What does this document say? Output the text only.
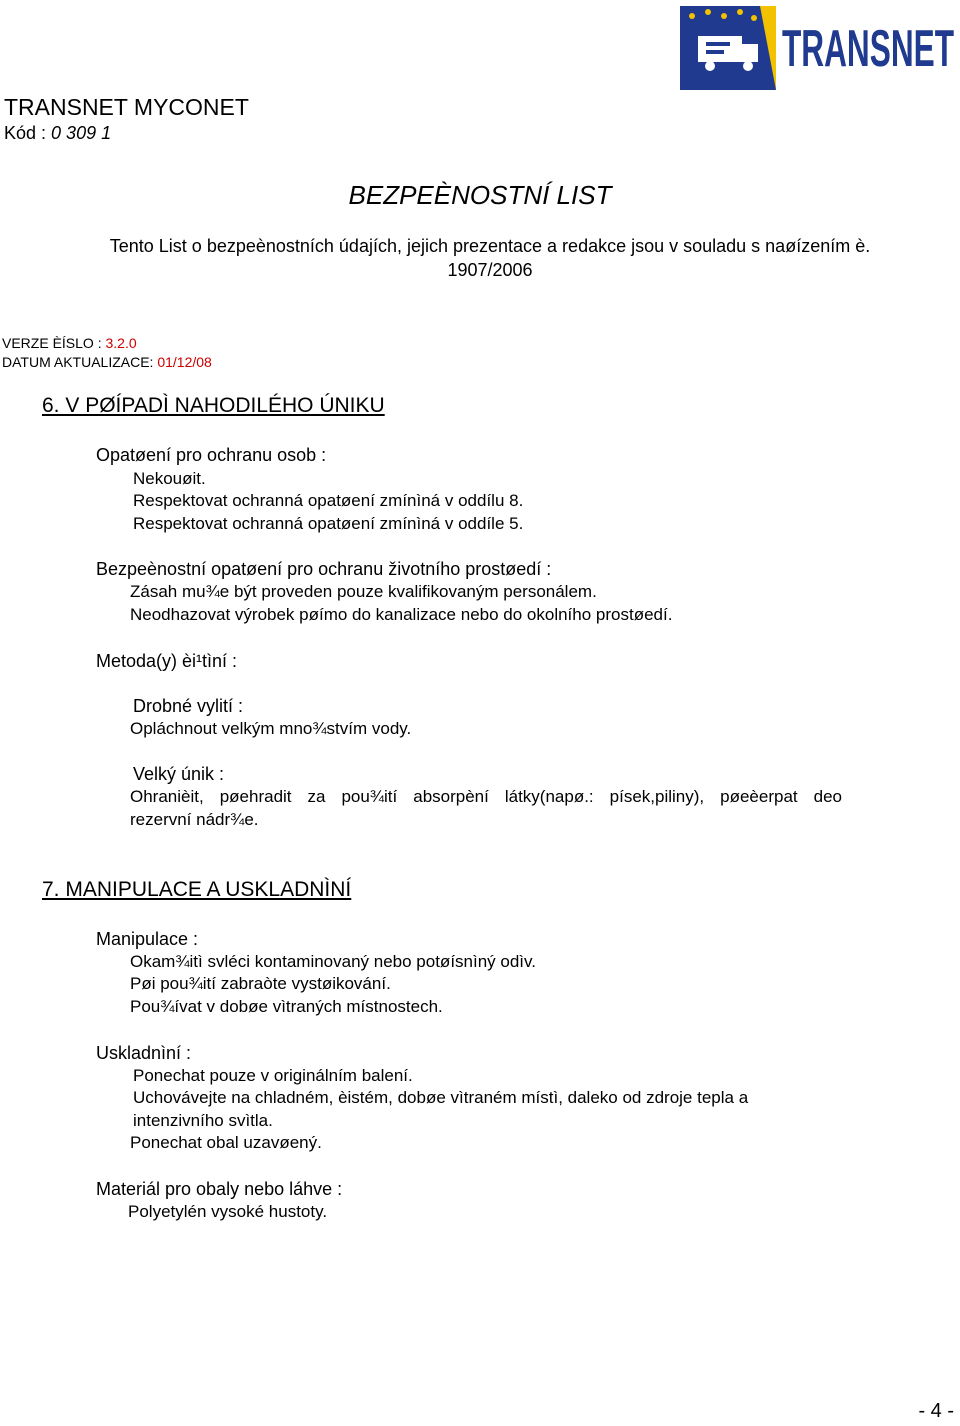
TRANSNET
TRANSNET MYCONET
Kód : 0 309 1
BEZPEÈNOSTNÍ LIST
Tento List o bezpeènostních údajích, jejich prezentace a redakce jsou v souladu s naøízením è.
1907/2006
VERZE ÈÍSLO : 3.2.0
DATUM AKTUALIZACE: 01/12/08
6. V PØÍPADÌ NAHODILÉHO ÚNIKU
Opatøení pro ochranu osob :
Nekouøit.
Respektovat ochranná opatøení zmínìná v oddílu 8.
Respektovat ochranná opatøení zmínìná v oddíle 5.
Bezpeènostní opatøení pro ochranu životního prostøedí :
Zásah mu¾e být proveden pouze kvalifikovaným personálem.
Neodhazovat výrobek pøímo do kanalizace nebo do okolního prostøedí.
Metoda(y) èi¹tìní :
Drobné vylití :
Opláchnout velkým mno¾stvím vody.
Velký únik :
Ohranièit, pøehradit za pou¾ití absorpèní látky(napø.: písek,piliny), pøeèerpat deo
rezervní nádr¾e.
7. MANIPULACE A USKLADNÌNÍ
Manipulace :
Okam¾itì svléci kontaminovaný nebo potøísnìný odìv.
Pøi pou¾ití zabraòte vystøikování.
Pou¾ívat v dobøe vìtraných místnostech.
Uskladnìní :
Ponechat pouze v originálním balení.
Uchovávejte na chladném, èistém, dobøe vìtraném místì, daleko od zdroje tepla a
intenzivního svìtla.
Ponechat obal uzavøený.
Materiál pro obaly nebo láhve :
Polyetylén vysoké hustoty.
- 4 -
